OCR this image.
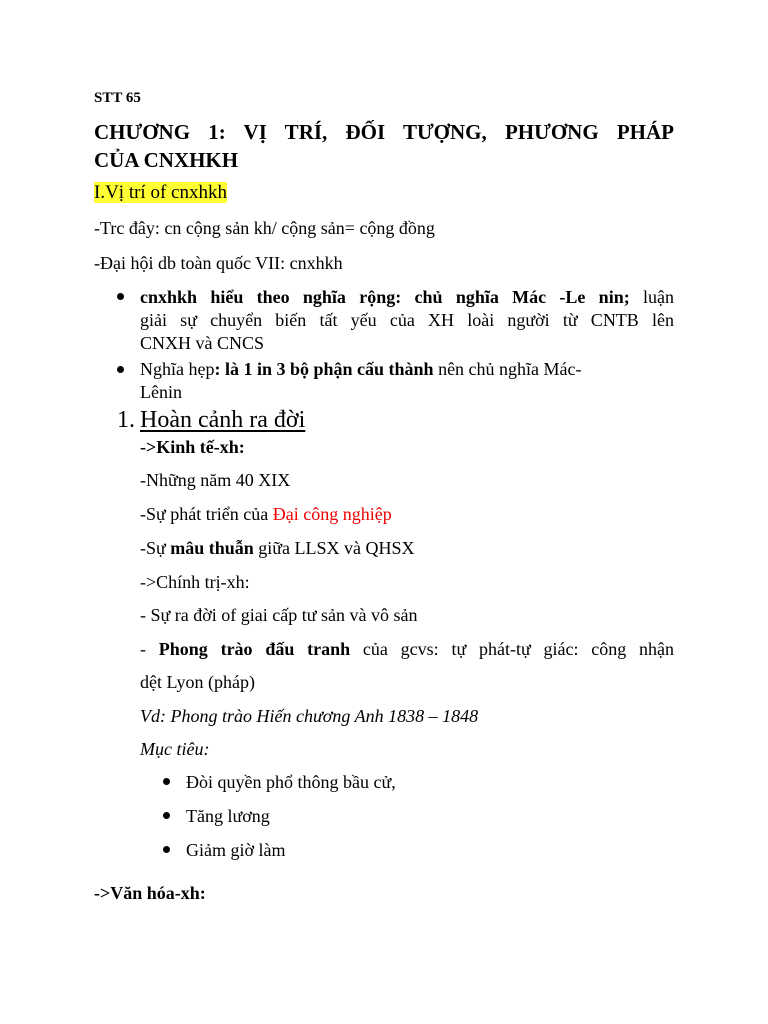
STT 65
CHƯƠNG 1: VỊ TRÍ, ĐỐI TƯỢNG, PHƯƠNG PHÁP
CỦA CNXHKH
I.Vị trí of cnxhkh
-Trc đây: cn cộng sản kh/ cộng sản= cộng đồng
-Đại hội db toàn quốc VII: cnxhkh
cnxhkh hiểu theo nghĩa rộng: chủ nghĩa Mác -Le nin; luận
giải sự chuyển biến tất yếu của XH loài người từ CNTB lên
CNXH và CNCS
Nghĩa hẹp: là 1 in 3 bộ phận cấu thành nên chủ nghĩa Mác-
Lênin
1. Hoàn cảnh ra đời
->Kinh tế-xh:
-Những năm 40 XIX
-Sự phát triển của Đại công nghiệp
-Sự mâu thuẫn giữa LLSX và QHSX
->Chính trị-xh:
- Sự ra đời of giai cấp tư sản và vô sản
- Phong trào đấu tranh của gcvs: tự phát-tự giác: công nhận
dệt Lyon (pháp)
Vd: Phong trào Hiến chương Anh 1838 – 1848
Mục tiêu:
Đòi quyền phổ thông bầu cử,
Tăng lương
Giảm giờ làm
->Văn hóa-xh:
